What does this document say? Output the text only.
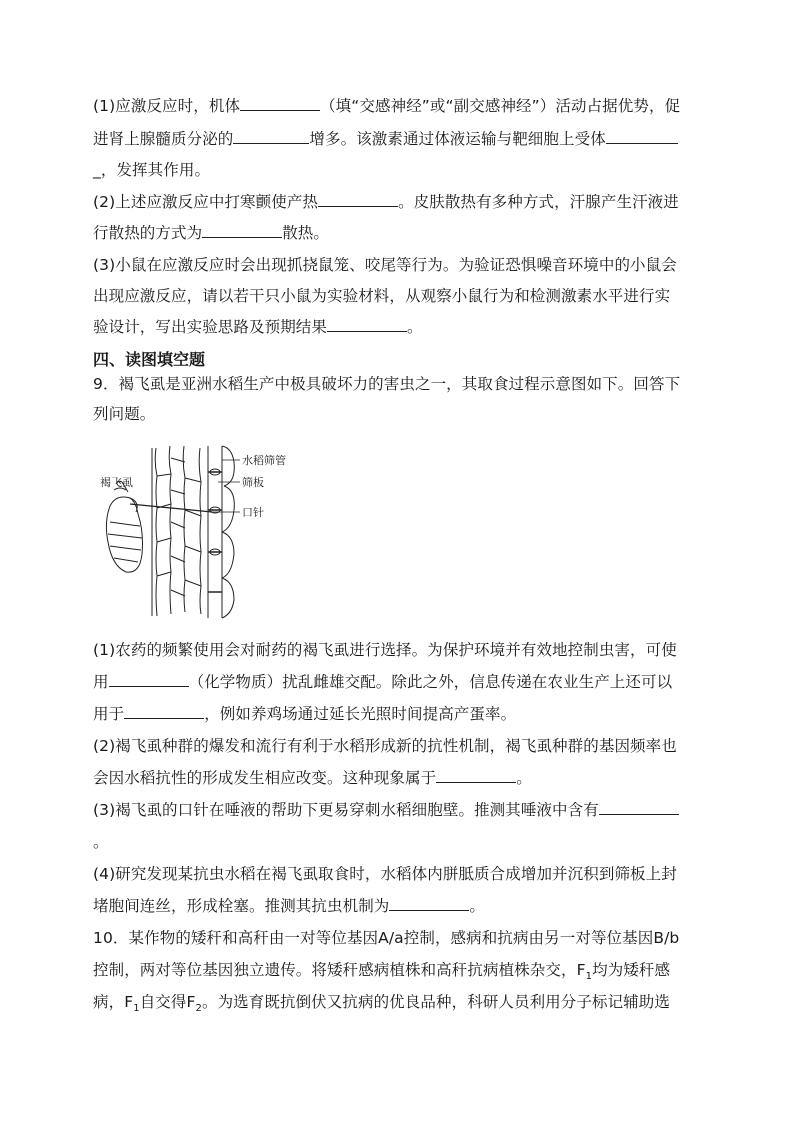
(1)应激反应时，机体	（填“交感神经”或“副交感神经”）活动占据优势，促
进肾上腺髓质分泌的	增多。该激素通过体液运输与靶细胞上受体
_，发挥其作用。
(2)上述应激反应中打寒颤使产热	。皮肤散热有多种方式，汗腺产生汗液进
行散热的方式为	散热。
(3)小鼠在应激反应时会出现抓挠鼠笼、咬尾等行为。为验证恐惧噪音环境中的小鼠会
出现应激反应，请以若干只小鼠为实验材料，从观察小鼠行为和检测激素水平进行实
验设计，写出实验思路及预期结果	。
四、读图填空题
9．褐飞虱是亚洲水稻生产中极具破坏力的害虫之一，其取食过程示意图如下。回答下
列问题。
水稻筛管
筛板
口针
褐飞虱
(1)农药的频繁使用会对耐药的褐飞虱进行选择。为保护环境并有效地控制虫害，可使
用	（化学物质）扰乱雌雄交配。除此之外，信息传递在农业生产上还可以
用于	，例如养鸡场通过延长光照时间提高产蛋率。
(2)褐飞虱种群的爆发和流行有利于水稻形成新的抗性机制，褐飞虱种群的基因频率也
会因水稻抗性的形成发生相应改变。这种现象属于	。
(3)褐飞虱的口针在唾液的帮助下更易穿刺水稻细胞壁。推测其唾液中含有
。
(4)研究发现某抗虫水稻在褐飞虱取食时，水稻体内胼胝质合成增加并沉积到筛板上封
堵胞间连丝，形成栓塞。推测其抗虫机制为	。
10．某作物的矮秆和高秆由一对等位基因A/a控制，感病和抗病由另一对等位基因B/b
控制，两对等位基因独立遗传。将矮秆感病植株和高秆抗病植株杂交，$F_1$均为矮秆感
病，$F_1$自交得$F_2$。为选育既抗倒伏又抗病的优良品种，科研人员利用分子标记辅助选
